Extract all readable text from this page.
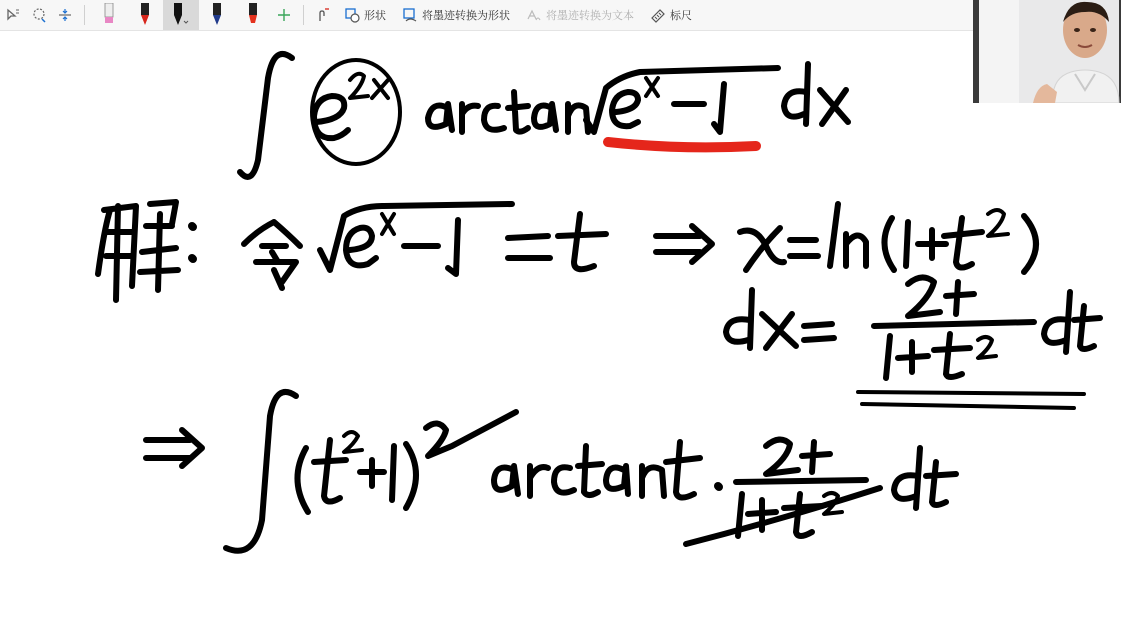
形状	将墨迹转换为形状	将墨迹转换为文本	标尺
